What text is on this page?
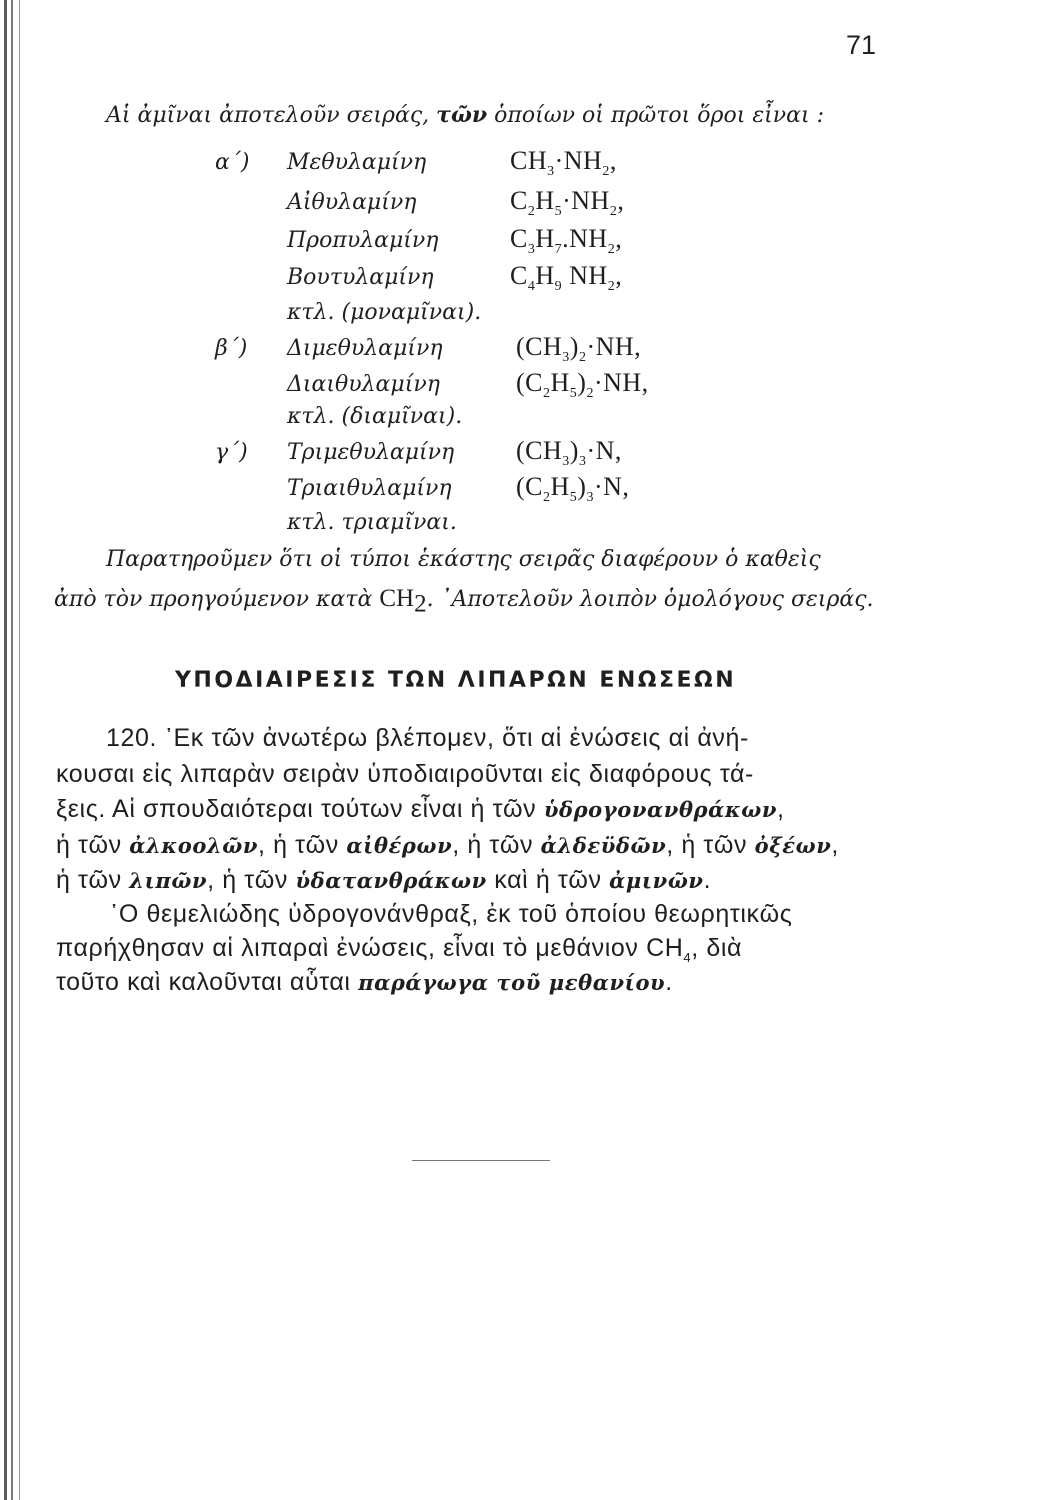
71
Αἱ ἀμῖναι ἀποτελοῦν σειράς, τῶν ὁποίων οἱ πρῶτοι ὅροι εἶναι :
α΄) Μεθυλαμίνη	$CH_3\cdot NH_2$,
Αἰθυλαμίνη	$C_2H_5\cdot NH_2$,
Προπυλαμίνη	$C_3H_7.NH_2$,
Βουτυλαμίνη	$C_4H_9$ $NH_2$,
κτλ. (μοναμῖναι).
β΄) Διμεθυλαμίνη	$(CH_3)_2\cdot NH$,
Διαιθυλαμίνη	$(C_2H_5)_2\cdot NH$,
κτλ. (διαμῖναι).
γ΄) Τριμεθυλαμίνη $(CH_3)_3\cdot N$,
Τριαιθυλαμίνη $(C_2H_5)_3\cdot N$,
κτλ. τριαμῖναι.
Παρατηροῦμεν ὅτι οἱ τύποι ἑκάστης σειρᾶς διαφέρουν ὁ καθεὶς
ἀπὸ τὸν προηγούμενον κατὰ $CH_2$. ᾿Αποτελοῦν λοιπὸν ὁμολόγους σειράς.
ΥΠΟΔΙΑΙΡΕΣΙΣ ΤΩΝ ΛΙΠΑΡΩΝ ΕΝΩΣΕΩΝ
120. ᾿Εκ τῶν ἀνωτέρω βλέπομεν, ὅτι αἱ ἐνώσεις αἱ ἀνή-
κουσαι εἰς λιπαρὰν σειρὰν ὑποδιαιροῦνται εἰς διαφόρους τά-
ξεις. Αἱ σπουδαιότεραι τούτων εἶναι ἡ τῶν ὑδρογονανθράκων,
ἡ τῶν ἀλκοολῶν, ἡ τῶν αἰθέρων, ἡ τῶν ἀλδεϋδῶν, ἡ τῶν ὀξέων,
ἡ τῶν λιπῶν, ἡ τῶν ὑδατανθράκων καὶ ἡ τῶν ἀμινῶν.
῾Ο θεμελιώδης ὑδρογονάνθραξ, ἐκ τοῦ ὁποίου θεωρητικῶς
παρήχθησαν αἱ λιπαραὶ ἐνώσεις, εἶναι τὸ μεθάνιον $CH_4$, διὰ
τοῦτο καὶ καλοῦνται αὗται παράγωγα τοῦ μεθανίου.
